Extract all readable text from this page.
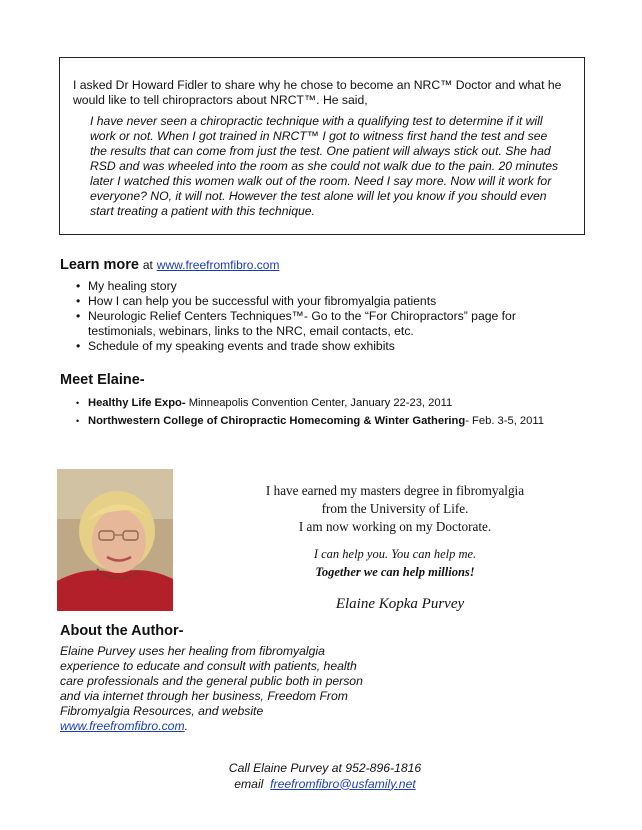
I asked Dr Howard Fidler to share why he chose to become an NRC™ Doctor and what he would like to tell chiropractors about NRCT™. He said,

I have never seen a chiropractic technique with a qualifying test to determine if it will work or not. When I got trained in NRCT™ I got to witness first hand the test and see the results that can come from just the test. One patient will always stick out. She had RSD and was wheeled into the room as she could not walk due to the pain. 20 minutes later I watched this women walk out of the room. Need I say more. Now will it work for everyone? NO, it will not. However the test alone will let you know if you should even start treating a patient with this technique.

Learn more at www.freefromfibro.com
• My healing story
• How I can help you be successful with your fibromyalgia patients
• Neurologic Relief Centers Techniques™- Go to the “For Chiropractors” page for testimonials, webinars, links to the NRC, email contacts, etc.
• Schedule of my speaking events and trade show exhibits
Meet Elaine-
• Healthy Life Expo- Minneapolis Convention Center, January 22-23, 2011
• Northwestern College of Chiropractic Homecoming & Winter Gathering- Feb. 3-5, 2011
I have earned my masters degree in fibromyalgia
from the University of Life.
I am now working on my Doctorate.
I can help you. You can help me.
Together we can help millions!
Elaine Kopka Purvey
About the Author-
Elaine Purvey uses her healing from fibromyalgia experience to educate and consult with patients, health care professionals and the general public both in person and via internet through her business, Freedom From Fibromyalgia Resources, and website www.freefromfibro.com.
Call Elaine Purvey at 952-896-1816
email freefromfibro@usfamily.net
